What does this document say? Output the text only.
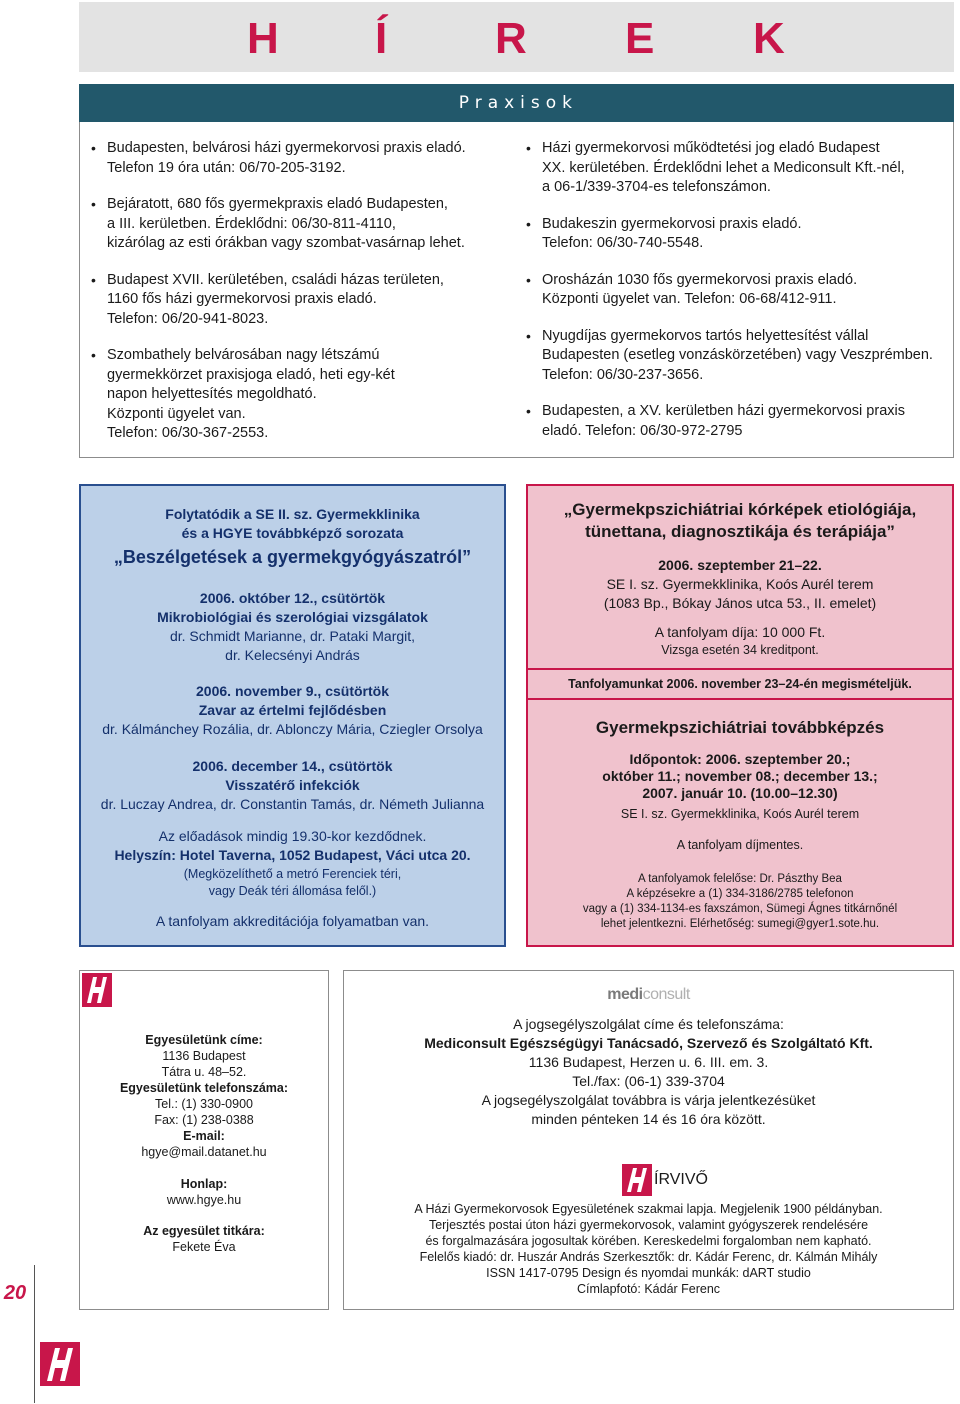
H Í R E K
Praxisok
• Budapesten, belvárosi házi gyermekorvosi praxis eladó.
Telefon 19 óra után: 06/70-205-3192.
• Bejáratott, 680 fős gyermekpraxis eladó Budapesten,
a III. kerületben. Érdeklődni: 06/30-811-4110,
kizárólag az esti órákban vagy szombat-vasárnap lehet.
• Budapest XVII. kerületében, családi házas területen,
1160 fős házi gyermekorvosi praxis eladó.
Telefon: 06/20-941-8023.
• Szombathely belvárosában nagy létszámú
gyermekkörzet praxisjoga eladó, heti egy-két
napon helyettesítés megoldható.
Központi ügyelet van.
Telefon: 06/30-367-2553.
• Házi gyermekorvosi működtetési jog eladó Budapest
XX. kerületében. Érdeklődni lehet a Mediconsult Kft.-nél,
a 06-1/339-3704-es telefonszámon.
• Budakeszin gyermekorvosi praxis eladó.
Telefon: 06/30-740-5548.
• Orosházán 1030 fős gyermekorvosi praxis eladó.
Központi ügyelet van. Telefon: 06-68/412-911.
• Nyugdíjas gyermekorvos tartós helyettesítést vállal
Budapesten (esetleg vonzáskörzetében) vagy Veszprémben.
Telefon: 06/30-237-3656.
• Budapesten, a XV. kerületben házi gyermekorvosi praxis
eladó. Telefon: 06/30-972-2795
Folytatódik a SE II. sz. Gyermekklinika
és a HGYE továbbképző sorozata
„Beszélgetések a gyermekgyógyászatról”
2006. október 12., csütörtök
Mikrobiológiai és szerológiai vizsgálatok
dr. Schmidt Marianne, dr. Pataki Margit,
dr. Kelecsényi András
2006. november 9., csütörtök
Zavar az értelmi fejlődésben
dr. Kálmánchey Rozália, dr. Ablonczy Mária, Cziegler Orsolya
2006. december 14., csütörtök
Visszatérő infekciók
dr. Luczay Andrea, dr. Constantin Tamás, dr. Németh Julianna
Az előadások mindig 19.30-kor kezdődnek.
Helyszín: Hotel Taverna, 1052 Budapest, Váci utca 20.
(Megközelíthető a metró Ferenciek téri,
vagy Deák téri állomása felől.)
A tanfolyam akkreditációja folyamatban van.
„Gyermekpszichiátriai kórképek etiológiája,
tünettana, diagnosztikája és terápiája”
2006. szeptember 21–22.
SE I. sz. Gyermekklinika, Koós Aurél terem
(1083 Bp., Bókay János utca 53., II. emelet)
A tanfolyam díja: 10 000 Ft.
Vizsga esetén 34 kreditpont.
Tanfolyamunkat 2006. november 23–24-én megismételjük.
Gyermekpszichiátriai továbbképzés
Időpontok: 2006. szeptember 20.;
október 11.; november 08.; december 13.;
2007. január 10. (10.00–12.30)
SE I. sz. Gyermekklinika, Koós Aurél terem
A tanfolyam díjmentes.
A tanfolyamok felelőse: Dr. Pászthy Bea
A képzésekre a (1) 334-3186/2785 telefonon
vagy a (1) 334-1134-es faxszámon, Sümegi Ágnes titkárnőnél
lehet jelentkezni. Elérhetőség: sumegi@gyer1.sote.hu.
Egyesületünk címe:
1136 Budapest
Tátra u. 48–52.
Egyesületünk telefonszáma:
Tel.: (1) 330-0900
Fax: (1) 238-0388
E-mail:
hgye@mail.datanet.hu
Honlap:
www.hgye.hu
Az egyesület titkára:
Fekete Éva
mediconsult
A jogsegélyszolgálat címe és telefonszáma:
Mediconsult Egészségügyi Tanácsadó, Szervező és Szolgáltató Kft.
1136 Budapest, Herzen u. 6. III. em. 3.
Tel./fax: (06-1) 339-3704
A jogsegélyszolgálat továbbra is várja jelentkezésüket
minden pénteken 14 és 16 óra között.
ÍRVIVŐ
A Házi Gyermekorvosok Egyesületének szakmai lapja. Megjelenik 1900 példányban.
Terjesztés postai úton házi gyermekorvosok, valamint gyógyszerek rendelésére
és forgalmazására jogosultak körében. Kereskedelmi forgalomban nem kapható.
Felelős kiadó: dr. Huszár András Szerkesztők: dr. Kádár Ferenc, dr. Kálmán Mihály
ISSN 1417-0795 Design és nyomdai munkák: dART studio
Címlapfotó: Kádár Ferenc
20
